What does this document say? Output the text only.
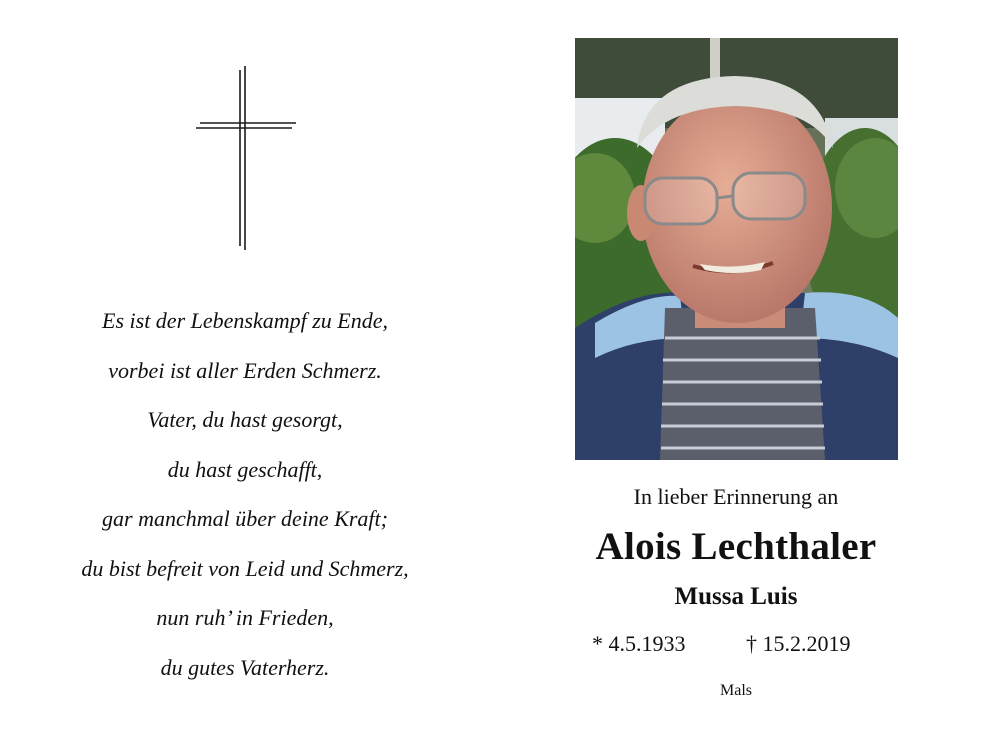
Es ist der Lebenskampf zu Ende,
vorbei ist aller Erden Schmerz.
Vater, du hast gesorgt,
du hast geschafft,
gar manchmal über deine Kraft;
du bist befreit von Leid und Schmerz,
nun ruh’ in Frieden,
du gutes Vaterherz.
In lieber Erinnerung an
Alois Lechthaler
Mussa Luis
* 4.5.1933	† 15.2.2019
Mals
